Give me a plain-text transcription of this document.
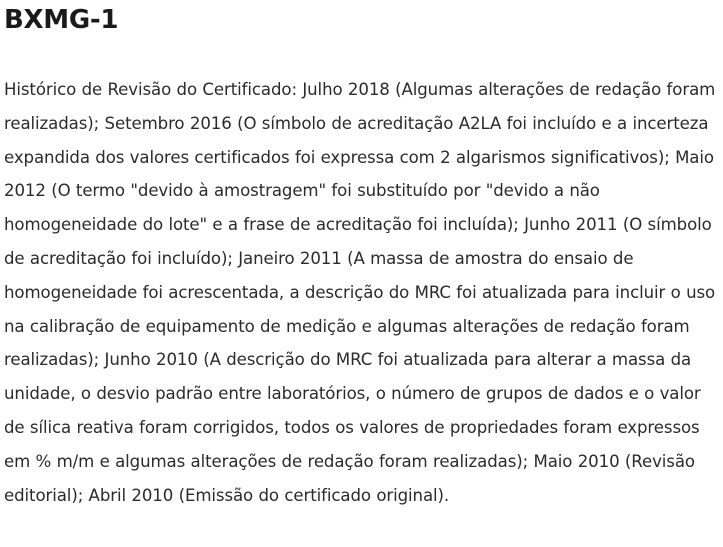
BXMG-1

Histórico de Revisão do Certificado: Julho 2018 (Algumas alterações de redação foram realizadas); Setembro 2016 (O símbolo de acreditação A2LA foi incluído e a incerteza expandida dos valores certificados foi expressa com 2 algarismos significativos); Maio 2012 (O termo "devido à amostragem" foi substituído por "devido a não homogeneidade do lote" e a frase de acreditação foi incluída); Junho 2011 (O símbolo de acreditação foi incluído); Janeiro 2011 (A massa de amostra do ensaio de homogeneidade foi acrescentada, a descrição do MRC foi atualizada para incluir o uso na calibração de equipamento de medição e algumas alterações de redação foram realizadas); Junho 2010 (A descrição do MRC foi atualizada para alterar a massa da unidade, o desvio padrão entre laboratórios, o número de grupos de dados e o valor de sílica reativa foram corrigidos, todos os valores de propriedades foram expressos em % m/m e algumas alterações de redação foram realizadas); Maio 2010 (Revisão editorial); Abril 2010 (Emissão do certificado original).
